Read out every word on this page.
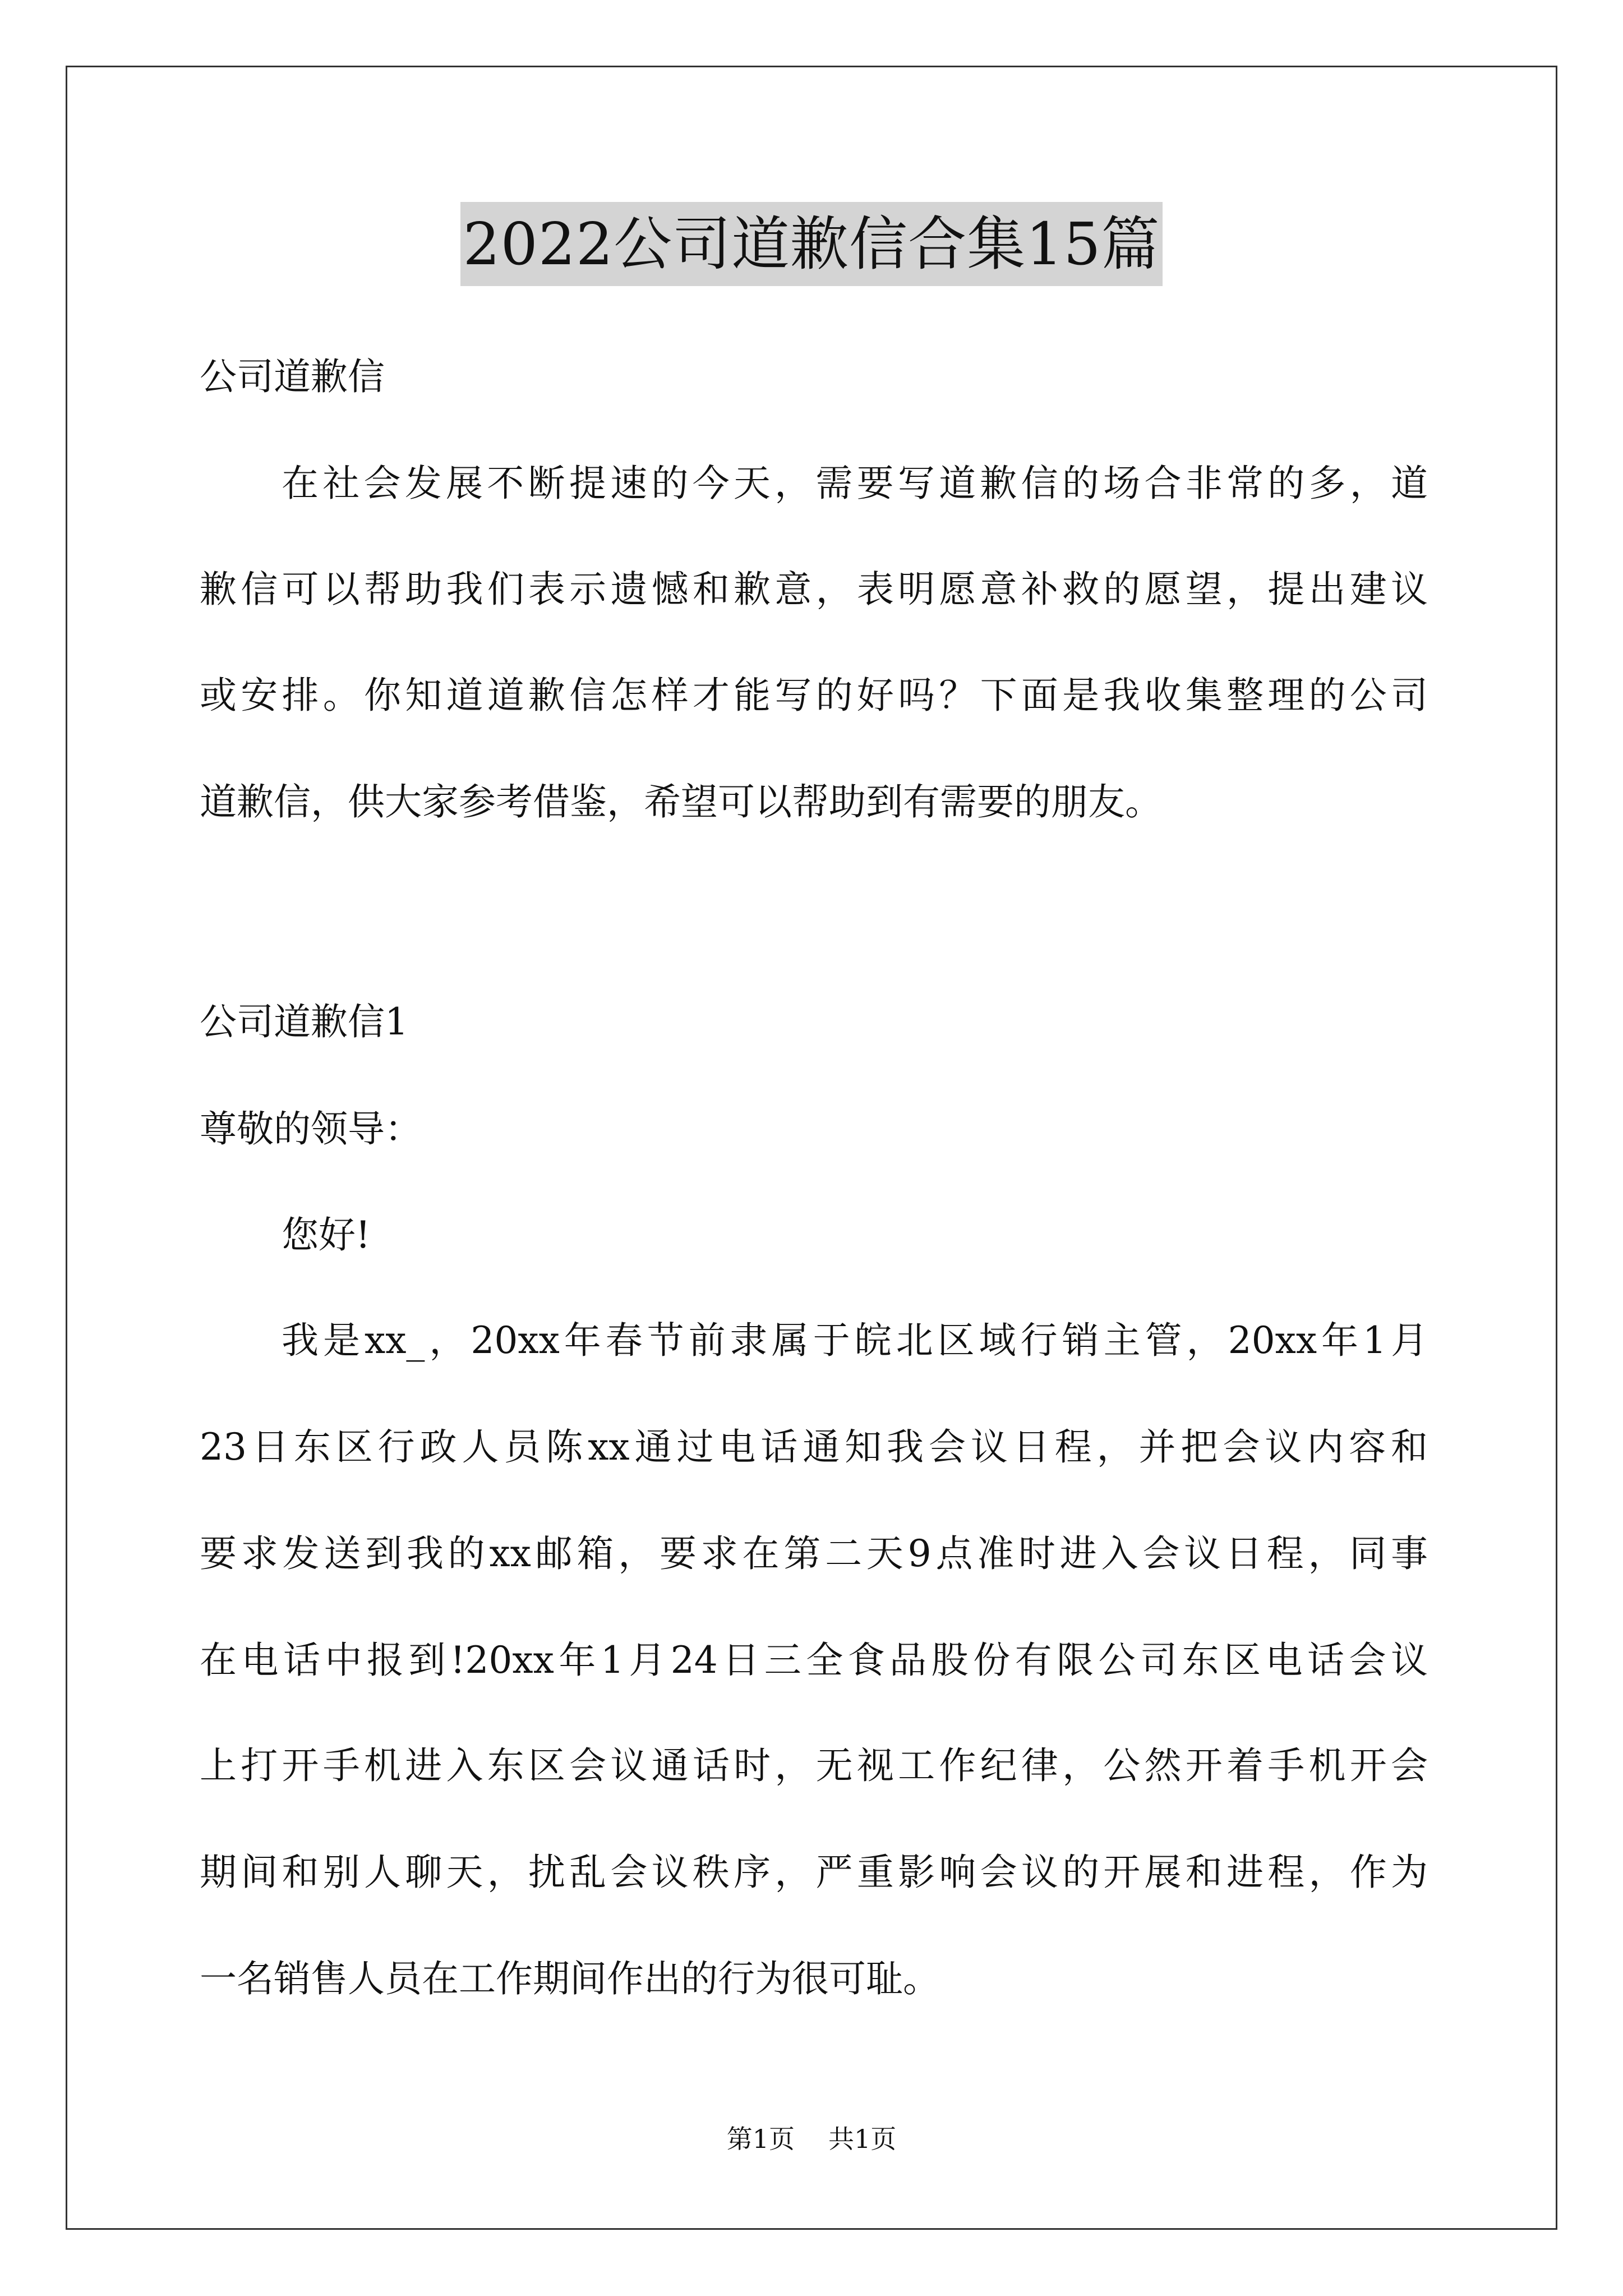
2022公司道歉信合集15篇
公司道歉信
在社会发展不断提速的今天，需要写道歉信的场合非常的多，道
歉信可以帮助我们表示遗憾和歉意，表明愿意补救的愿望，提出建议
或安排。你知道道歉信怎样才能写的好吗？下面是我收集整理的公司
道歉信，供大家参考借鉴，希望可以帮助到有需要的朋友。
公司道歉信1
尊敬的领导：
您好!
我是xx_，20xx年春节前隶属于皖北区域行销主管，20xx年1月
23日东区行政人员陈xx通过电话通知我会议日程，并把会议内容和
要求发送到我的xx邮箱，要求在第二天9点准时进入会议日程，同事
在电话中报到!20xx年1月24日三全食品股份有限公司东区电话会议
上打开手机进入东区会议通话时，无视工作纪律，公然开着手机开会
期间和别人聊天，扰乱会议秩序，严重影响会议的开展和进程，作为
一名销售人员在工作期间作出的行为很可耻。
第1页 共1页
